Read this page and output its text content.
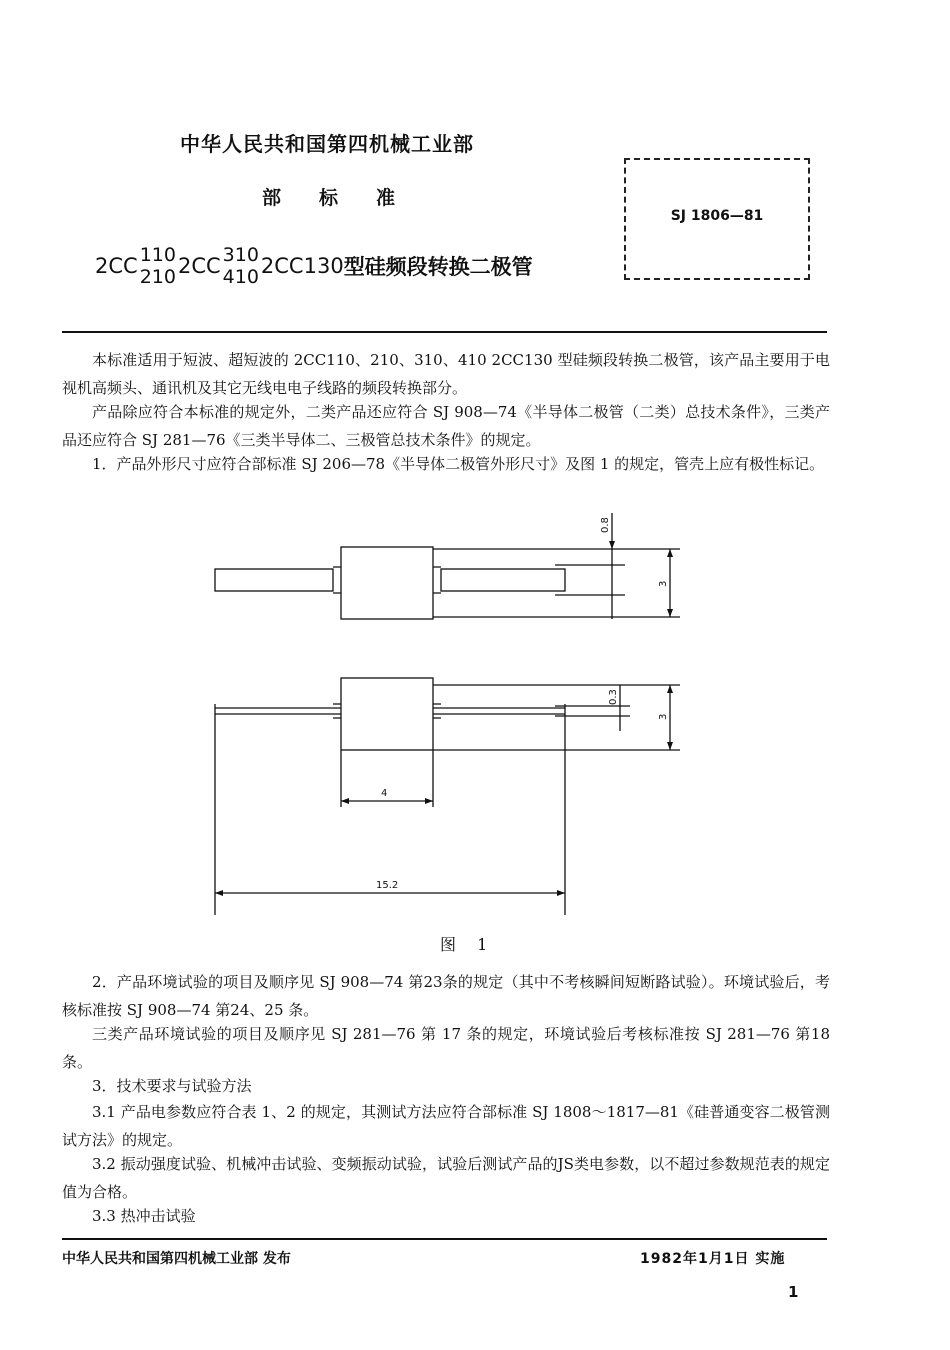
中华人民共和国第四机械工业部
部 标 准
SJ 1806—81
2CC 110
210 2CC 310
410 2CC130 型硅频段转换二极管
本标准适用于短波、超短波的 2CC110、210、310、410 2CC130 型硅频段转换二极管，该产品主要用于电视机高频头、通讯机及其它无线电电子线路的频段转换部分。
产品除应符合本标准的规定外，二类产品还应符合 SJ 908—74《半导体二极管（二类）总技术条件》，三类产品还应符合 SJ 281—76《三类半导体二、三极管总技术条件》的规定。
1．产品外形尺寸应符合部标准 SJ 206—78《半导体二极管外形尺寸》及图 1 的规定，管壳上应有极性标记。
0.8
3
0.3
3
4
15.2
图 1
2．产品环境试验的项目及顺序见 SJ 908—74 第23条的规定（其中不考核瞬间短断路试验）。环境试验后，考核标准按 SJ 908—74 第24、25 条。
三类产品环境试验的项目及顺序见 SJ 281—76 第 17 条的规定，环境试验后考核标准按 SJ 281—76 第18条。
3．技术要求与试验方法
3.1 产品电参数应符合表 1、2 的规定，其测试方法应符合部标准 SJ 1808～1817—81《硅普通变容二极管测试方法》的规定。
3.2 振动强度试验、机械冲击试验、变频振动试验，试验后测试产品的JS类电参数，以不超过参数规范表的规定值为合格。
3.3 热冲击试验
中华人民共和国第四机械工业部 发布	1982年1月1日 实施
1
